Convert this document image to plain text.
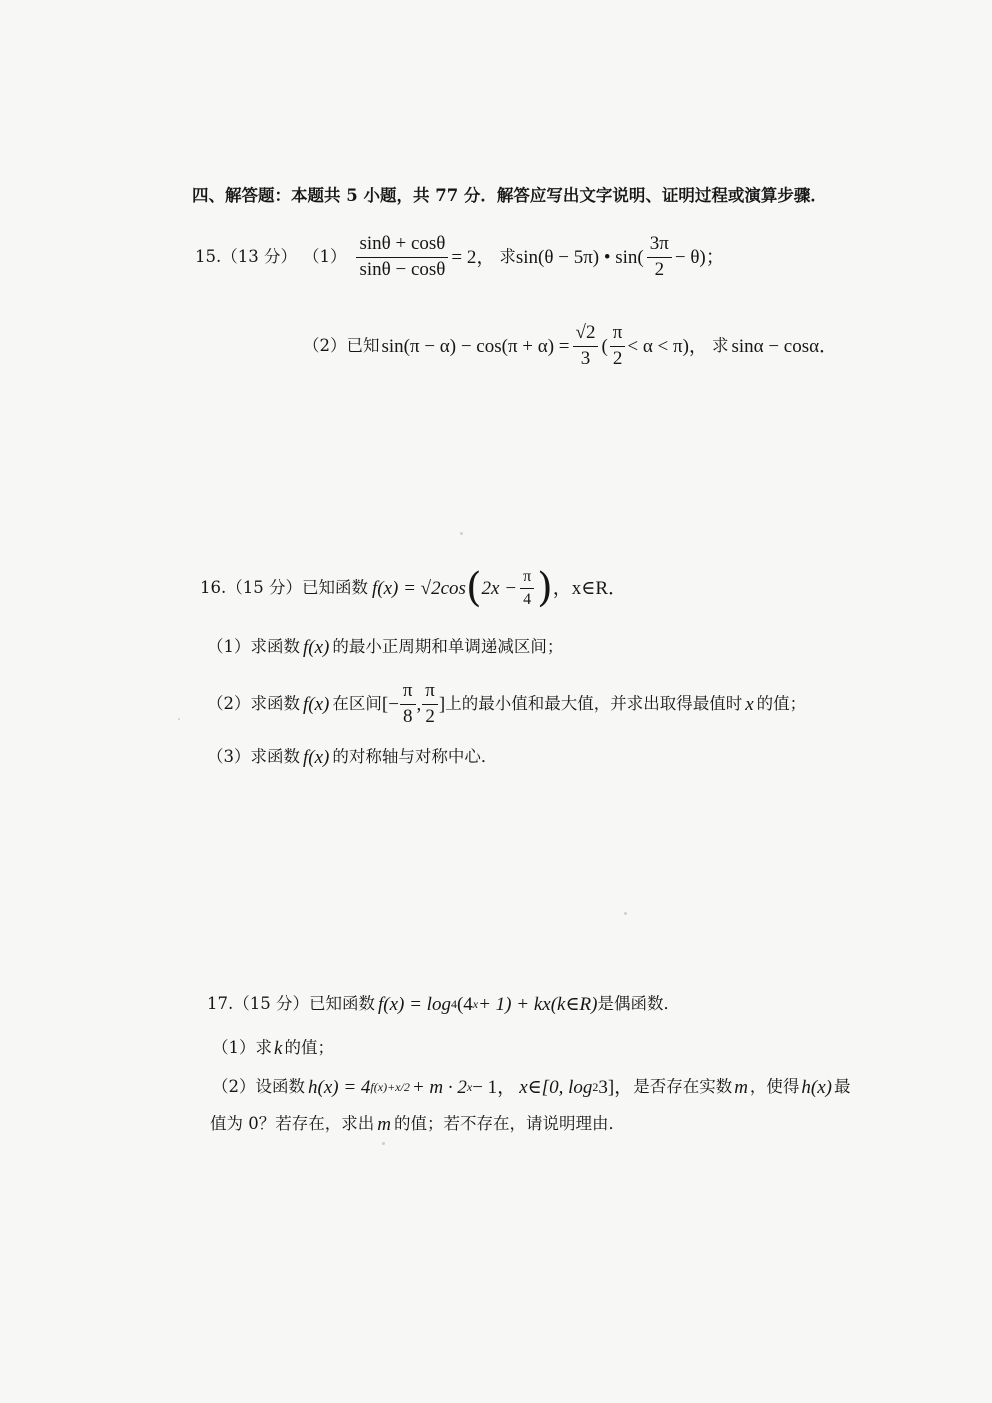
四、解答题：本题共 5 小题，共 77 分．解答应写出文字说明、证明过程或演算步骤．
15.（13 分） $(1) \frac{\sin\theta + \cos\theta}{\sin\theta - \cos\theta} = 2$， 求 sin(θ − 5π) • $\sin( \frac{3\pi}{2} - \theta)$；
（2）已知 $\sin(\pi - \alpha) - \cos(\pi + \alpha) = \frac{√2}{3}$ ( $\frac{\pi}{2} < \alpha < \pi$)， 求 sinα − cosα．
16.（15 分）已知函数 f(x) = √2cos ( $2x - \frac{\pi}{4}$ ) ，x∈R．
（1）求函数 f(x) 的最小正周期和单调递减区间；
（2）求函数 f(x) 在区间 [− $\frac{\pi}{8}$ , $\frac{\pi}{2}$ ] 上的最小值和最大值，并求出取得最值时 x 的值；
（3）求函数 f(x) 的对称轴与对称中心．
17.（15 分）已知函数 f(x) = log 4 (4 x + 1) + kx(k∈R) 是偶函数．
（1）求 k 的值；
（2）设函数 h(x) = 4 f(x)+x/2 + m · 2 x − 1， x∈[0, log 2 3]， 是否存在实数 m ，使得 h(x) 最
值为 0？若存在，求出 m 的值；若不存在，请说明理由．
